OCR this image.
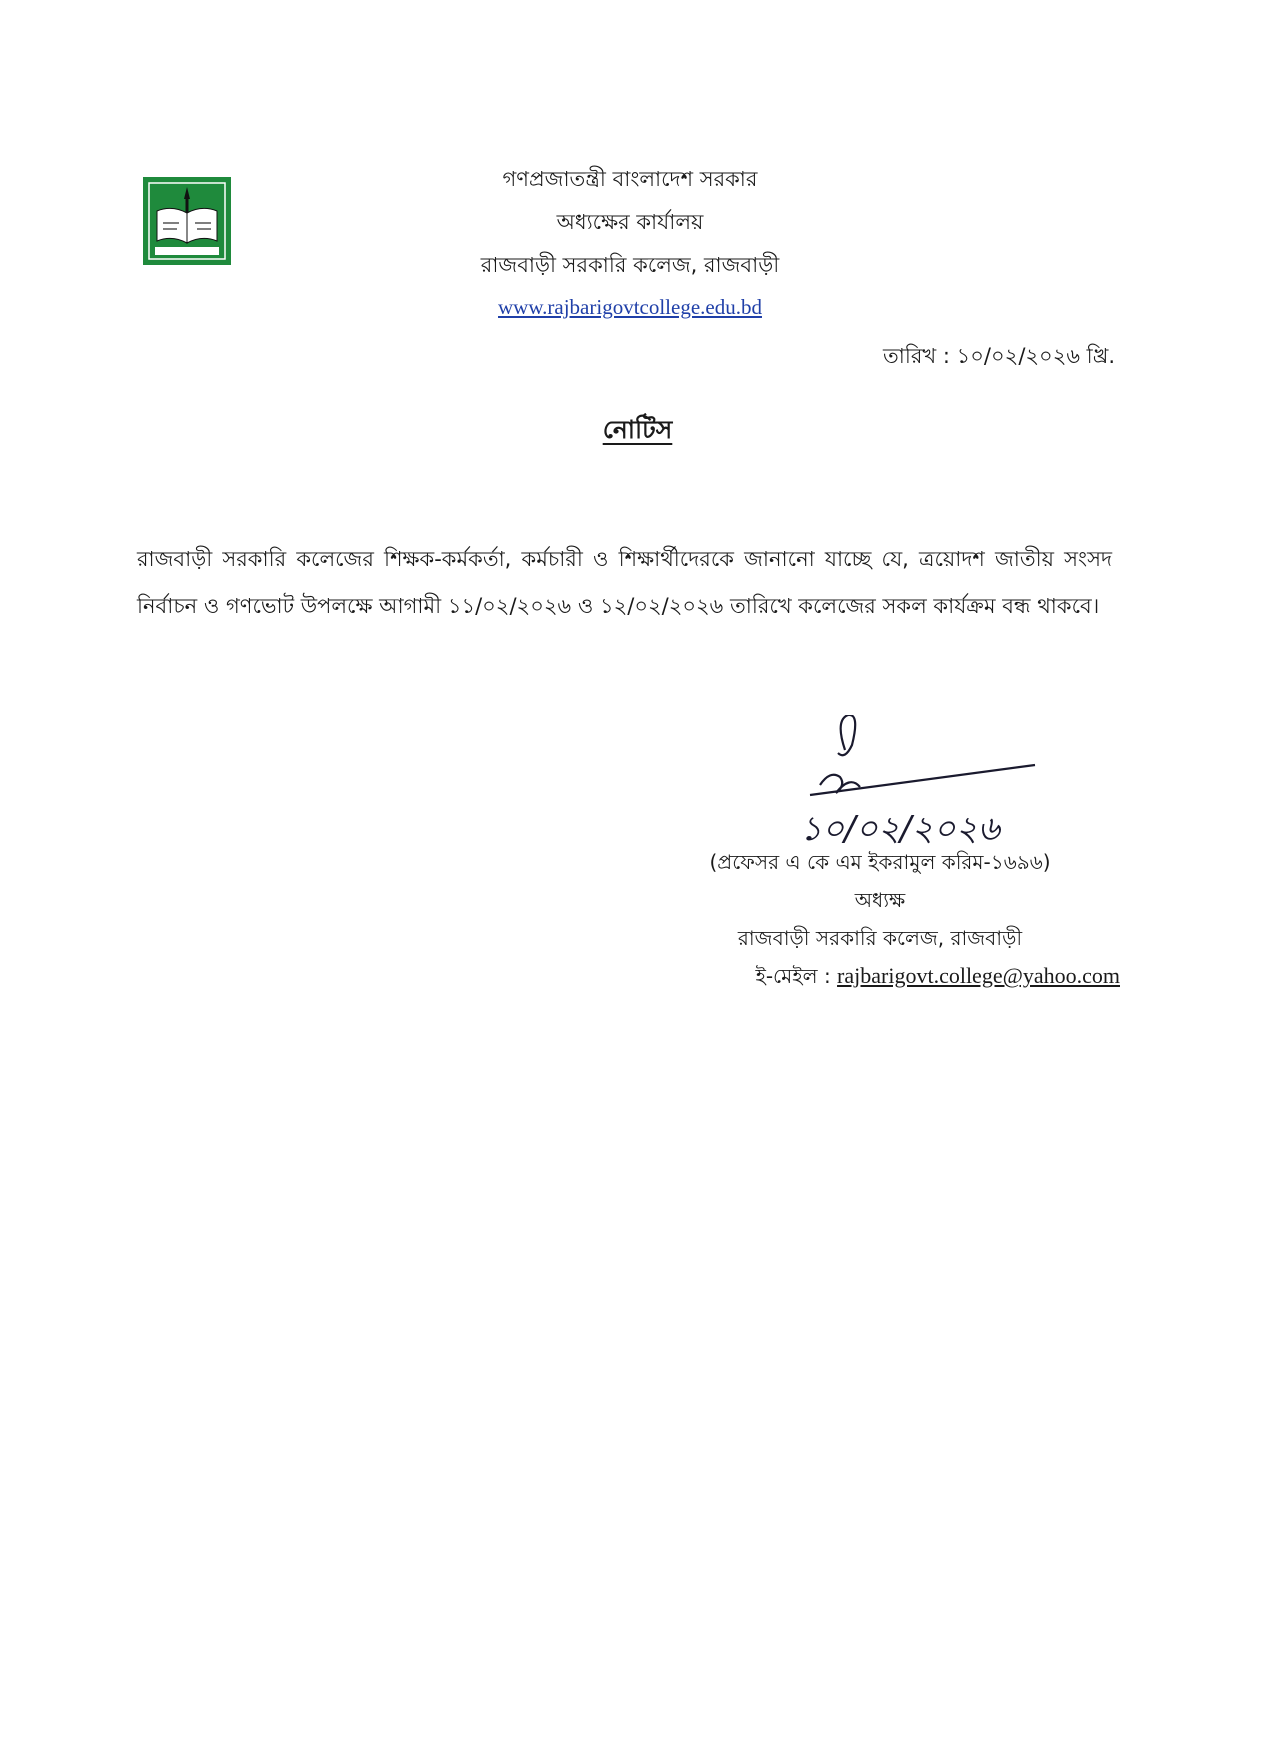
গণপ্রজাতন্ত্রী বাংলাদেশ সরকার
অধ্যক্ষের কার্যালয়
রাজবাড়ী সরকারি কলেজ, রাজবাড়ী
www.rajbarigovtcollege.edu.bd
তারিখ : ১০/০২/২০২৬ খ্রি.
নোটিস
রাজবাড়ী সরকারি কলেজের শিক্ষক-কর্মকর্তা, কর্মচারী ও শিক্ষার্থীদেরকে জানানো যাচ্ছে যে, ত্রয়োদশ জাতীয় সংসদ নির্বাচন ও গণভোট উপলক্ষে আগামী ১১/০২/২০২৬ ও ১২/০২/২০২৬ তারিখে কলেজের সকল কার্যক্রম বন্ধ থাকবে।
১০/০২/২০২৬
(প্রফেসর এ কে এম ইকরামুল করিম-১৬৯৬)
অধ্যক্ষ
রাজবাড়ী সরকারি কলেজ, রাজবাড়ী
ই-মেইল : rajbarigovt.college@yahoo.com
